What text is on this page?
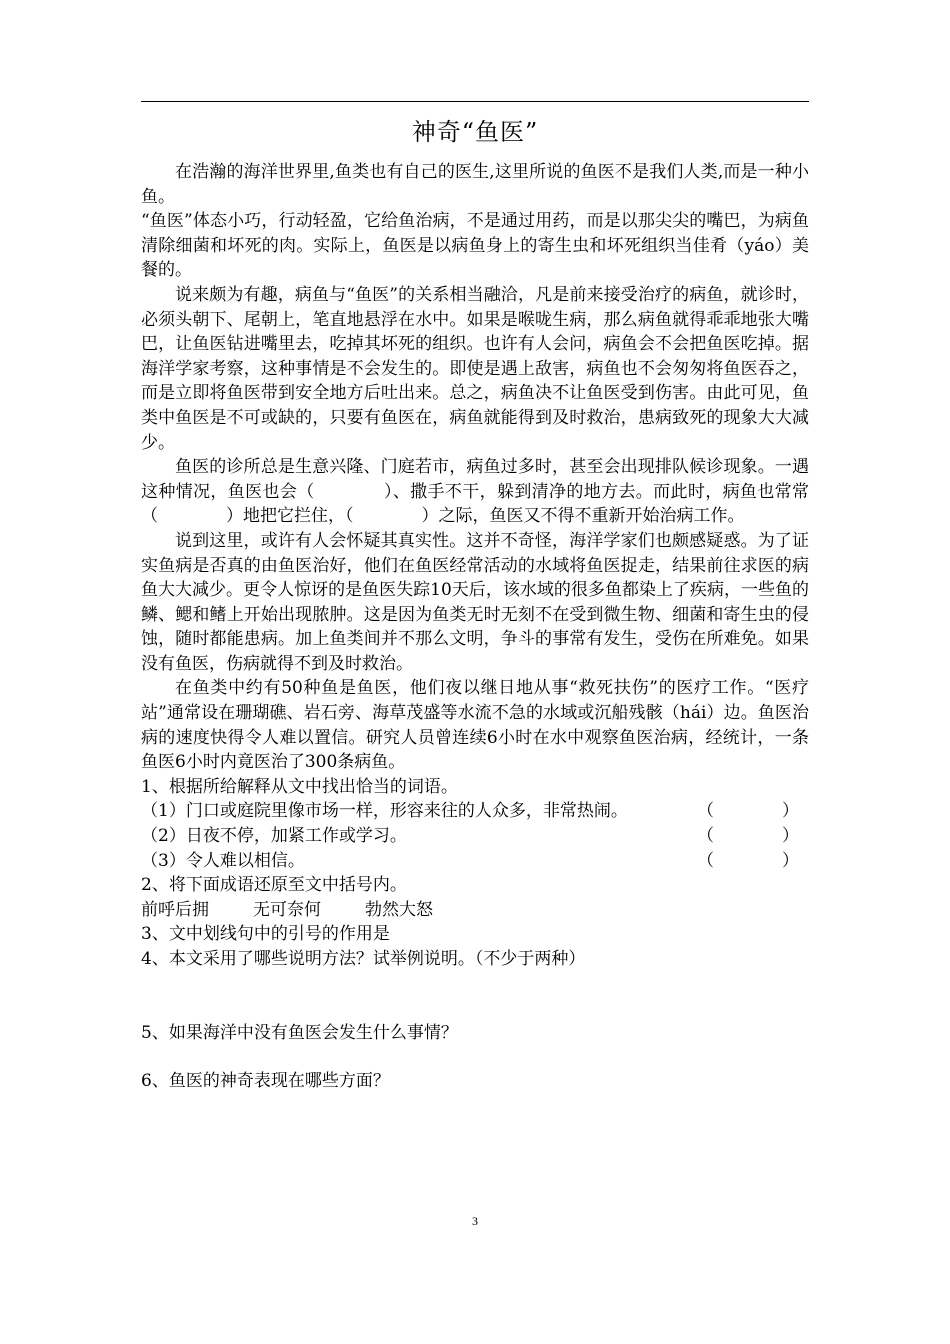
神奇“鱼医”

在浩瀚的海洋世界里,鱼类也有自己的医生,这里所说的鱼医不是我们人类,而是一种小鱼。

“鱼医”体态小巧，行动轻盈，它给鱼治病，不是通过用药，而是以那尖尖的嘴巴，为病鱼清除细菌和坏死的肉。实际上，鱼医是以病鱼身上的寄生虫和坏死组织当佳肴（yáo）美餐的。

说来颇为有趣，病鱼与“鱼医”的关系相当融洽，凡是前来接受治疗的病鱼，就诊时，必须头朝下、尾朝上，笔直地悬浮在水中。如果是喉咙生病，那么病鱼就得乖乖地张大嘴巴，让鱼医钻进嘴里去，吃掉其坏死的组织。也许有人会问，病鱼会不会把鱼医吃掉。据海洋学家考察，这种事情是不会发生的。即使是遇上敌害，病鱼也不会匆匆将鱼医吞之，而是立即将鱼医带到安全地方后吐出来。总之，病鱼决不让鱼医受到伤害。由此可见，鱼类中鱼医是不可或缺的，只要有鱼医在，病鱼就能得到及时救治，患病致死的现象大大减少。

鱼医的诊所总是生意兴隆、门庭若市，病鱼过多时，甚至会出现排队候诊现象。一遇这种情况，鱼医也会（　　　　）、撒手不干，躲到清净的地方去。而此时，病鱼也常常（　　　　）地把它拦住，（　　　　）之际，鱼医又不得不重新开始治病工作。

说到这里，或许有人会怀疑其真实性。这并不奇怪，海洋学家们也颇感疑惑。为了证实鱼病是否真的由鱼医治好，他们在鱼医经常活动的水域将鱼医捉走，结果前往求医的病鱼大大减少。更令人惊讶的是鱼医失踪10天后，该水域的很多鱼都染上了疾病，一些鱼的鳞、鳃和鳍上开始出现脓肿。这是因为鱼类无时无刻不在受到微生物、细菌和寄生虫的侵蚀，随时都能患病。加上鱼类间并不那么文明，争斗的事常有发生，受伤在所难免。如果没有鱼医，伤病就得不到及时救治。

在鱼类中约有50种鱼是鱼医，他们夜以继日地从事“救死扶伤”的医疗工作。“医疗站”通常设在珊瑚礁、岩石旁、海草茂盛等水流不急的水域或沉船残骸（hái）边。鱼医治病的速度快得令人难以置信。研究人员曾连续6小时在水中观察鱼医治病，经统计，一条鱼医6小时内竟医治了300条病鱼。

1、根据所给解释从文中找出恰当的词语。

（1）门口或庭院里像市场一样，形容来往的人众多，非常热闹。	（　　　　）
（2）日夜不停，加紧工作或学习。	（　　　　）
（3）令人难以相信。	（　　　　）

2、将下面成语还原至文中括号内。

前呼后拥	无可奈何	勃然大怒

3、文中划线句中的引号的作用是

4、本文采用了哪些说明方法？试举例说明。（不少于两种）

5、如果海洋中没有鱼医会发生什么事情？

6、鱼医的神奇表现在哪些方面？

3
